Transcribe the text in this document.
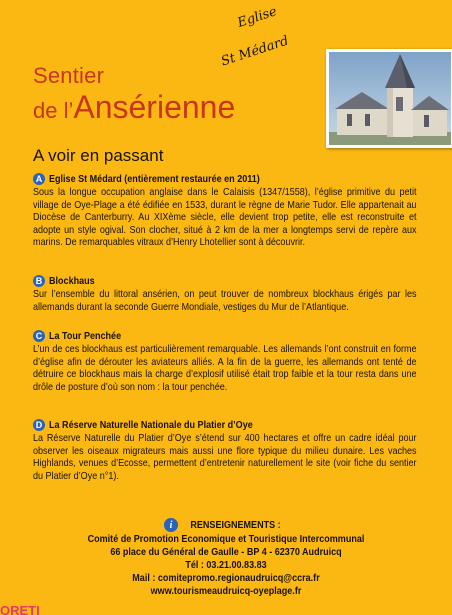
Eglise
St Médard
Sentier
de l’Ansérienne
A voir en passant
A Eglise St Médard (entièrement restaurée en 2011)
Sous la longue occupation anglaise dans le Calaisis (1347/1558), l’église primitive du petit village de Oye-Plage a été édifiée en 1533, durant le règne de Marie Tudor. Elle appartenait au Diocèse de Canterburry. Au XIXème siècle, elle devient trop petite, elle est reconstruite et adopte un style ogival. Son clocher, situé à 2 km de la mer a longtemps servi de repère aux marins. De remarquables vitraux d’Henry Lhotellier sont à découvrir.
B Blockhaus
Sur l’ensemble du littoral ansérien, on peut trouver de nombreux blockhaus érigés par les allemands durant la seconde Guerre Mondiale, vestiges du Mur de l’Atlantique.
C La Tour Penchée
L’un de ces blockhaus est particulièrement remarquable. Les allemands l’ont construit en forme d’église afin de dérouter les aviateurs alliés. A la fin de la guerre, les allemands ont tenté de détruire ce blockhaus mais la charge d’explosif utilisé était trop faible et la tour resta dans une drôle de posture d’où son nom : la tour penchée.
D La Réserve Naturelle Nationale du Platier d’Oye
La Réserve Naturelle du Platier d’Oye s’étend sur 400 hectares et offre un cadre idéal pour observer les oiseaux migrateurs mais aussi une flore typique du milieu dunaire. Les vaches Highlands, venues d’Ecosse, permettent d’entretenir naturellement le site (voir fiche du sentier du Platier d’Oye n°1).
i	RENSEIGNEMENTS :
Comité de Promotion Economique et Touristique Intercommunal
66 place du Général de Gaulle - BP 4 - 62370 Audruicq
Tél : 03.21.00.83.83
Mail : comitepromo.regionaudruicq@ccra.fr
www.tourismeaudruicq-oyeplage.fr
ORETI
